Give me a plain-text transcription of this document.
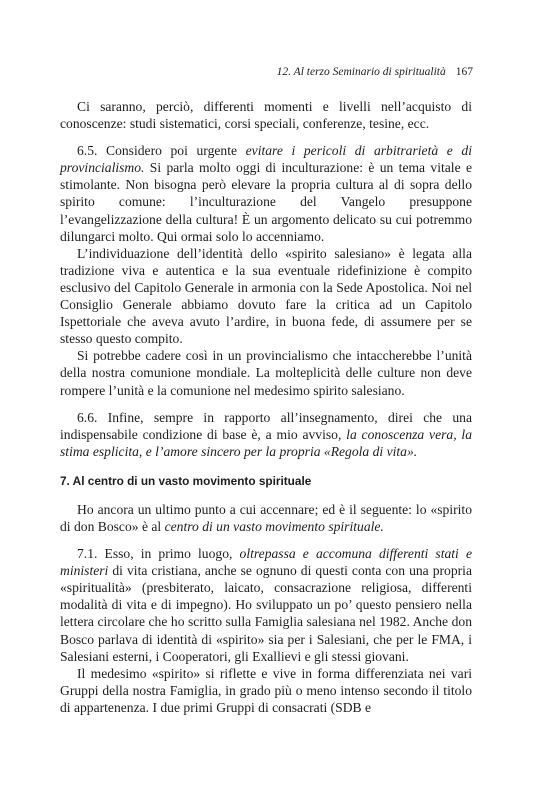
12. Al terzo Seminario di spiritualità 167

Ci saranno, perciò, differenti momenti e livelli nell’acquisto di conoscenze: studi sistematici, corsi speciali, conferenze, tesine, ecc.

6.5. Considero poi urgente evitare i pericoli di arbitrarietà e di provincialismo. Si parla molto oggi di inculturazione: è un tema vitale e stimolante. Non bisogna però elevare la propria cultura al di sopra dello spirito comune: l’inculturazione del Vangelo presuppone l’evangelizzazione della cultura! È un argomento delicato su cui potremmo dilungarci molto. Qui ormai solo lo accenniamo.

L’individuazione dell’identità dello «spirito salesiano» è legata alla tradizione viva e autentica e la sua eventuale ridefinizione è compito esclusivo del Capitolo Generale in armonia con la Sede Apostolica. Noi nel Consiglio Generale abbiamo dovuto fare la critica ad un Capitolo Ispettoriale che aveva avuto l’ardire, in buona fede, di assumere per se stesso questo compito.

Si potrebbe cadere così in un provincialismo che intaccherebbe l’unità della nostra comunione mondiale. La molteplicità delle culture non deve rompere l’unità e la comunione nel medesimo spirito salesiano.

6.6. Infine, sempre in rapporto all’insegnamento, direi che una indispensabile condizione di base è, a mio avviso, la conoscenza vera, la stima esplicita, e l’amore sincero per la propria «Regola di vita».

7. Al centro di un vasto movimento spirituale

Ho ancora un ultimo punto a cui accennare; ed è il seguente: lo «spirito di don Bosco» è al centro di un vasto movimento spirituale.

7.1. Esso, in primo luogo, oltrepassa e accomuna differenti stati e ministeri di vita cristiana, anche se ognuno di questi conta con una propria «spiritualità» (presbiterato, laicato, consacrazione religiosa, differenti modalità di vita e di impegno). Ho sviluppato un po’ questo pensiero nella lettera circolare che ho scritto sulla Famiglia salesiana nel 1982. Anche don Bosco parlava di identità di «spirito» sia per i Salesiani, che per le FMA, i Salesiani esterni, i Cooperatori, gli Exallievi e gli stessi giovani.

Il medesimo «spirito» si riflette e vive in forma differenziata nei vari Gruppi della nostra Famiglia, in grado più o meno intenso secondo il titolo di appartenenza. I due primi Gruppi di consacrati (SDB e
